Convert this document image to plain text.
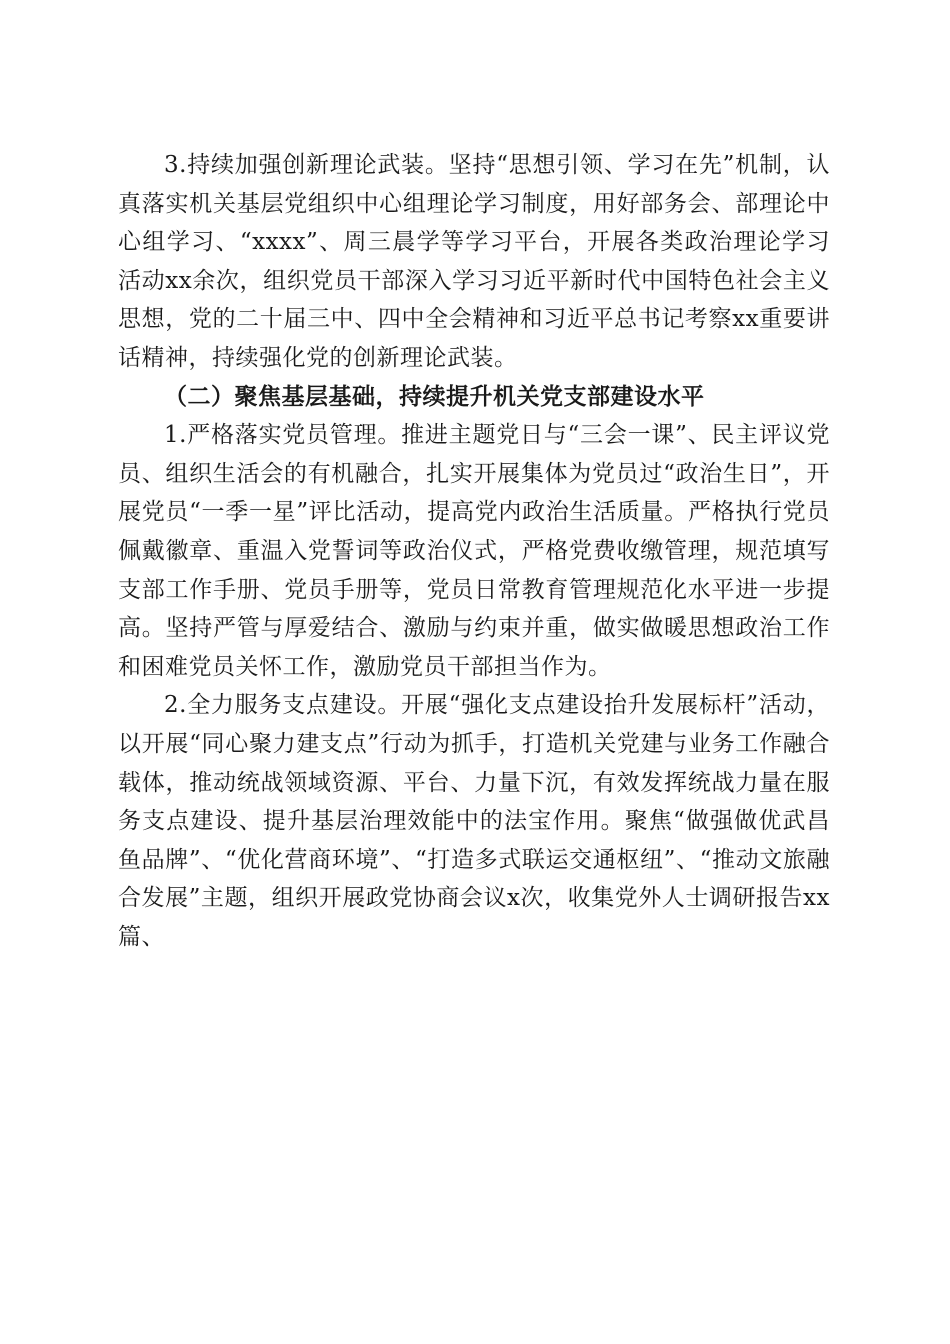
3.持续加强创新理论武装。坚持“思想引领、学习在先”机制，认真落实机关基层党组织中心组理论学习制度，用好部务会、部理论中心组学习、“xxxx”、周三晨学等学习平台，开展各类政治理论学习活动xx余次，组织党员干部深入学习习近平新时代中国特色社会主义思想，党的二十届三中、四中全会精神和习近平总书记考察xx重要讲话精神，持续强化党的创新理论武装。

（二）聚焦基层基础，持续提升机关党支部建设水平

1.严格落实党员管理。推进主题党日与“三会一课”、民主评议党员、组织生活会的有机融合，扎实开展集体为党员过“政治生日”，开展党员“一季一星”评比活动，提高党内政治生活质量。严格执行党员佩戴徽章、重温入党誓词等政治仪式，严格党费收缴管理，规范填写支部工作手册、党员手册等，党员日常教育管理规范化水平进一步提高。坚持严管与厚爱结合、激励与约束并重，做实做暖思想政治工作和困难党员关怀工作，激励党员干部担当作为。

2.全力服务支点建设。开展“强化支点建设抬升发展标杆”活动，以开展“同心聚力建支点”行动为抓手，打造机关党建与业务工作融合载体，推动统战领域资源、平台、力量下沉，有效发挥统战力量在服务支点建设、提升基层治理效能中的法宝作用。聚焦“做强做优武昌鱼品牌”、“优化营商环境”、“打造多式联运交通枢纽”、“推动文旅融合发展”主题，组织开展政党协商会议x次，收集党外人士调研报告xx篇、
